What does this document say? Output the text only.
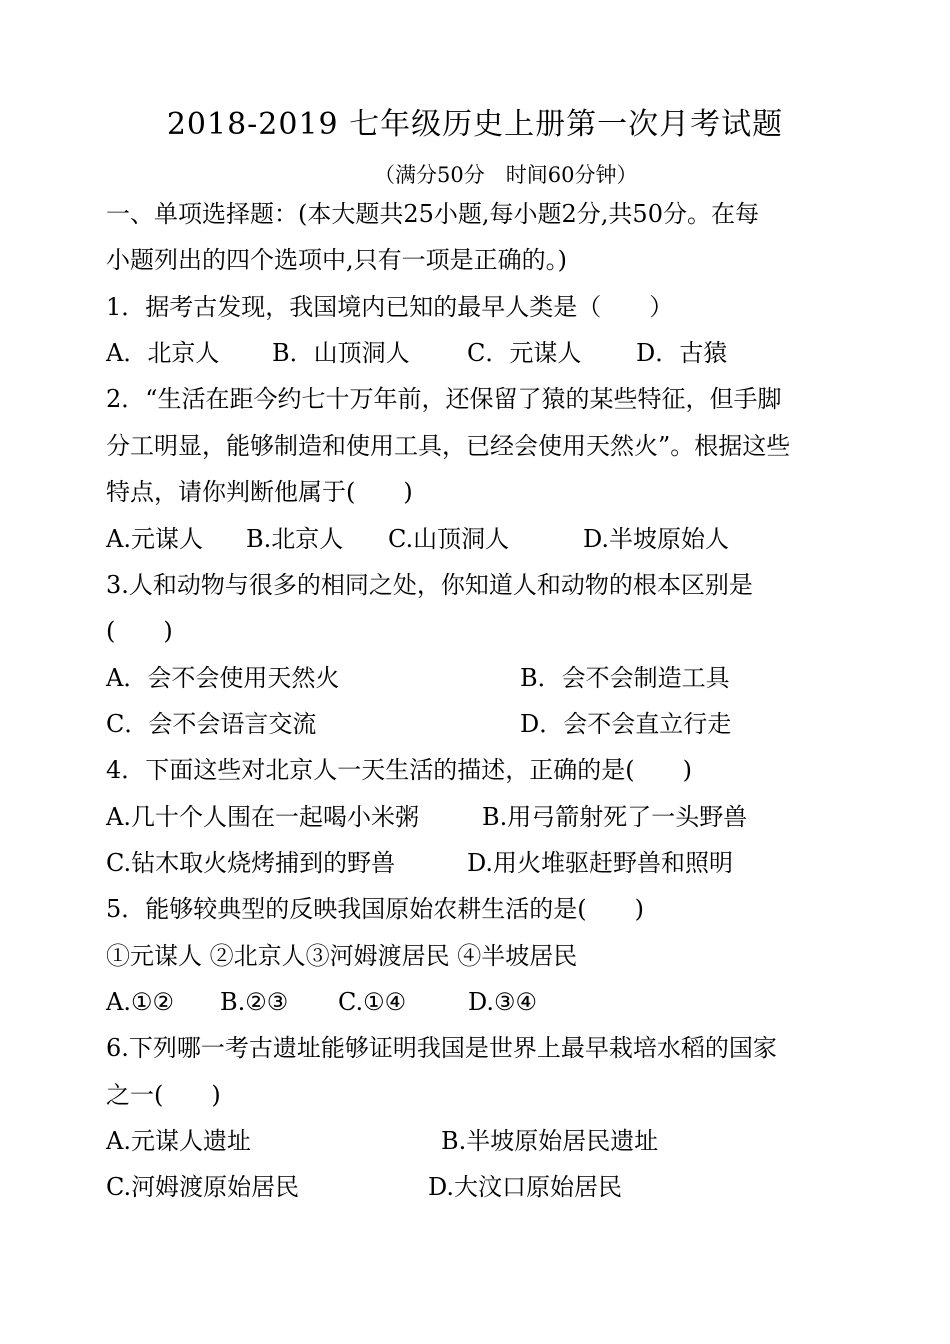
2018-2019 七年级历史上册第一次月考试题
（满分50分　时间60分钟）
一、单项选择题：(本大题共25小题,每小题2分,共50分。在每
小题列出的四个选项中,只有一项是正确的。)
1．据考古发现，我国境内已知的最早人类是（　　）
A．北京人 B．山顶洞人 C．元谋人 D．古猿
2．“生活在距今约七十万年前，还保留了猿的某些特征，但手脚
分工明显，能够制造和使用工具，已经会使用天然火”。根据这些
特点，请你判断他属于(　　)
A.元谋人 B.北京人 C.山顶洞人	D.半坡原始人
3.人和动物与很多的相同之处，你知道人和动物的根本区别是
(　　)
A．会不会使用天然火	B．会不会制造工具
C．会不会语言交流	D．会不会直立行走
4．下面这些对北京人一天生活的描述，正确的是(　　)
A.几十个人围在一起喝小米粥	B.用弓箭射死了一头野兽
C.钻木取火烧烤捕到的野兽	D.用火堆驱赶野兽和照明
5．能够较典型的反映我国原始农耕生活的是(　　)
①元谋人 ②北京人③河姆渡居民 ④半坡居民
A.①② B.②③ C.①④	D.③④
6.下列哪一考古遗址能够证明我国是世界上最早栽培水稻的国家
之一(　　)
A.元谋人遗址	B.半坡原始居民遗址
C.河姆渡原始居民	D.大汶口原始居民
